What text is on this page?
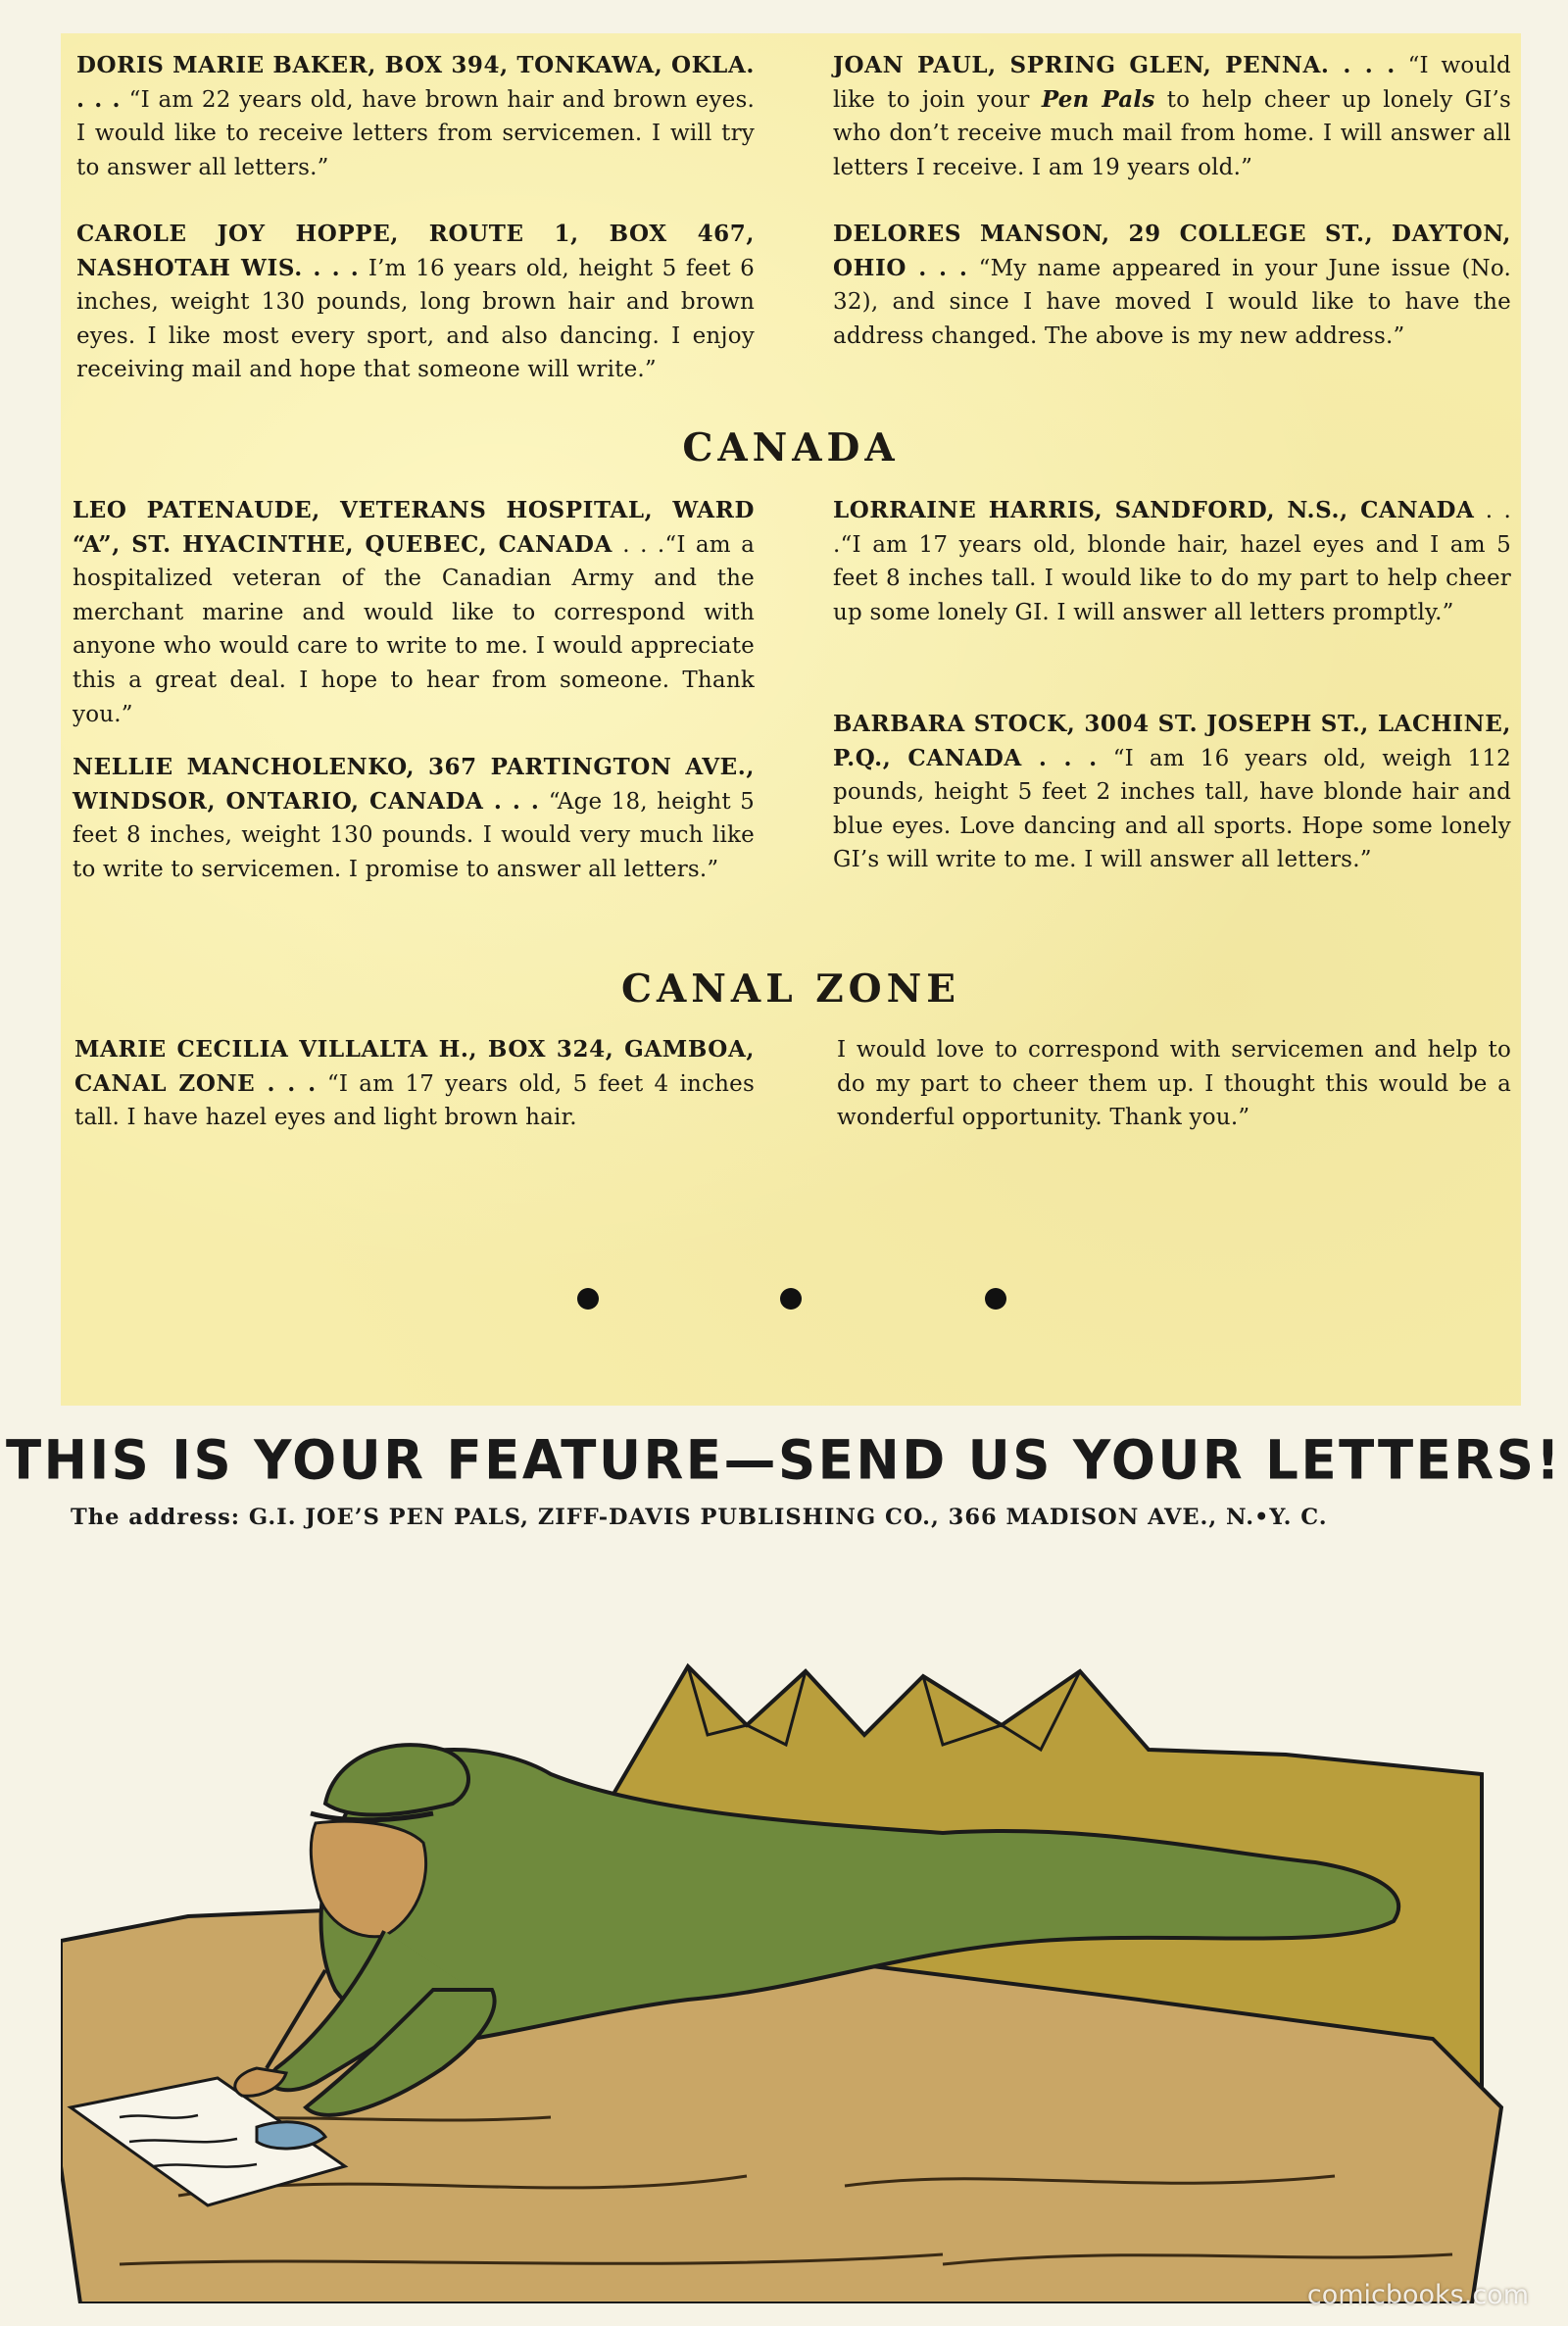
DORIS MARIE BAKER, BOX 394, TONKAWA, OKLA. . . . “I am 22 years old, have brown hair and brown eyes. I would like to receive letters from servicemen. I will try to answer all letters.”
CAROLE JOY HOPPE, ROUTE 1, BOX 467, NASHOTAH WIS. . . . I’m 16 years old, height 5 feet 6 inches, weight 130 pounds, long brown hair and brown eyes. I like most every sport, and also dancing. I enjoy receiving mail and hope that someone will write.”
JOAN PAUL, SPRING GLEN, PENNA. . . . “I would like to join your Pen Pals to help cheer up lonely GI’s who don’t receive much mail from home. I will answer all letters I receive. I am 19 years old.”
DELORES MANSON, 29 COLLEGE ST., DAYTON, OHIO . . . “My name appeared in your June issue (No. 32), and since I have moved I would like to have the address changed. The above is my new address.”
CANADA
LEO PATENAUDE, VETERANS HOSPITAL, WARD “A”, ST. HYACINTHE, QUEBEC, CANADA . . .“I am a hospitalized veteran of the Canadian Army and the merchant marine and would like to correspond with anyone who would care to write to me. I would appreciate this a great deal. I hope to hear from someone. Thank you.”
NELLIE MANCHOLENKO, 367 PARTINGTON AVE., WINDSOR, ONTARIO, CANADA . . . “Age 18, height 5 feet 8 inches, weight 130 pounds. I would very much like to write to servicemen. I promise to answer all letters.”
LORRAINE HARRIS, SANDFORD, N.S., CANADA . . .“I am 17 years old, blonde hair, hazel eyes and I am 5 feet 8 inches tall. I would like to do my part to help cheer up some lonely GI. I will answer all letters promptly.”
BARBARA STOCK, 3004 ST. JOSEPH ST., LACHINE, P.Q., CANADA . . . “I am 16 years old, weigh 112 pounds, height 5 feet 2 inches tall, have blonde hair and blue eyes. Love dancing and all sports. Hope some lonely GI’s will write to me. I will answer all letters.”
CANAL ZONE
MARIE CECILIA VILLALTA H., BOX 324, GAMBOA, CANAL ZONE . . . “I am 17 years old, 5 feet 4 inches tall. I have hazel eyes and light brown hair.
I would love to correspond with servicemen and help to do my part to cheer them up. I thought this would be a wonderful opportunity. Thank you.”
THIS IS YOUR FEATURE—SEND US YOUR LETTERS!
The address: G.I. JOE’S PEN PALS, ZIFF-DAVIS PUBLISHING CO., 366 MADISON AVE., N.•Y. C.
comicbooks.com
